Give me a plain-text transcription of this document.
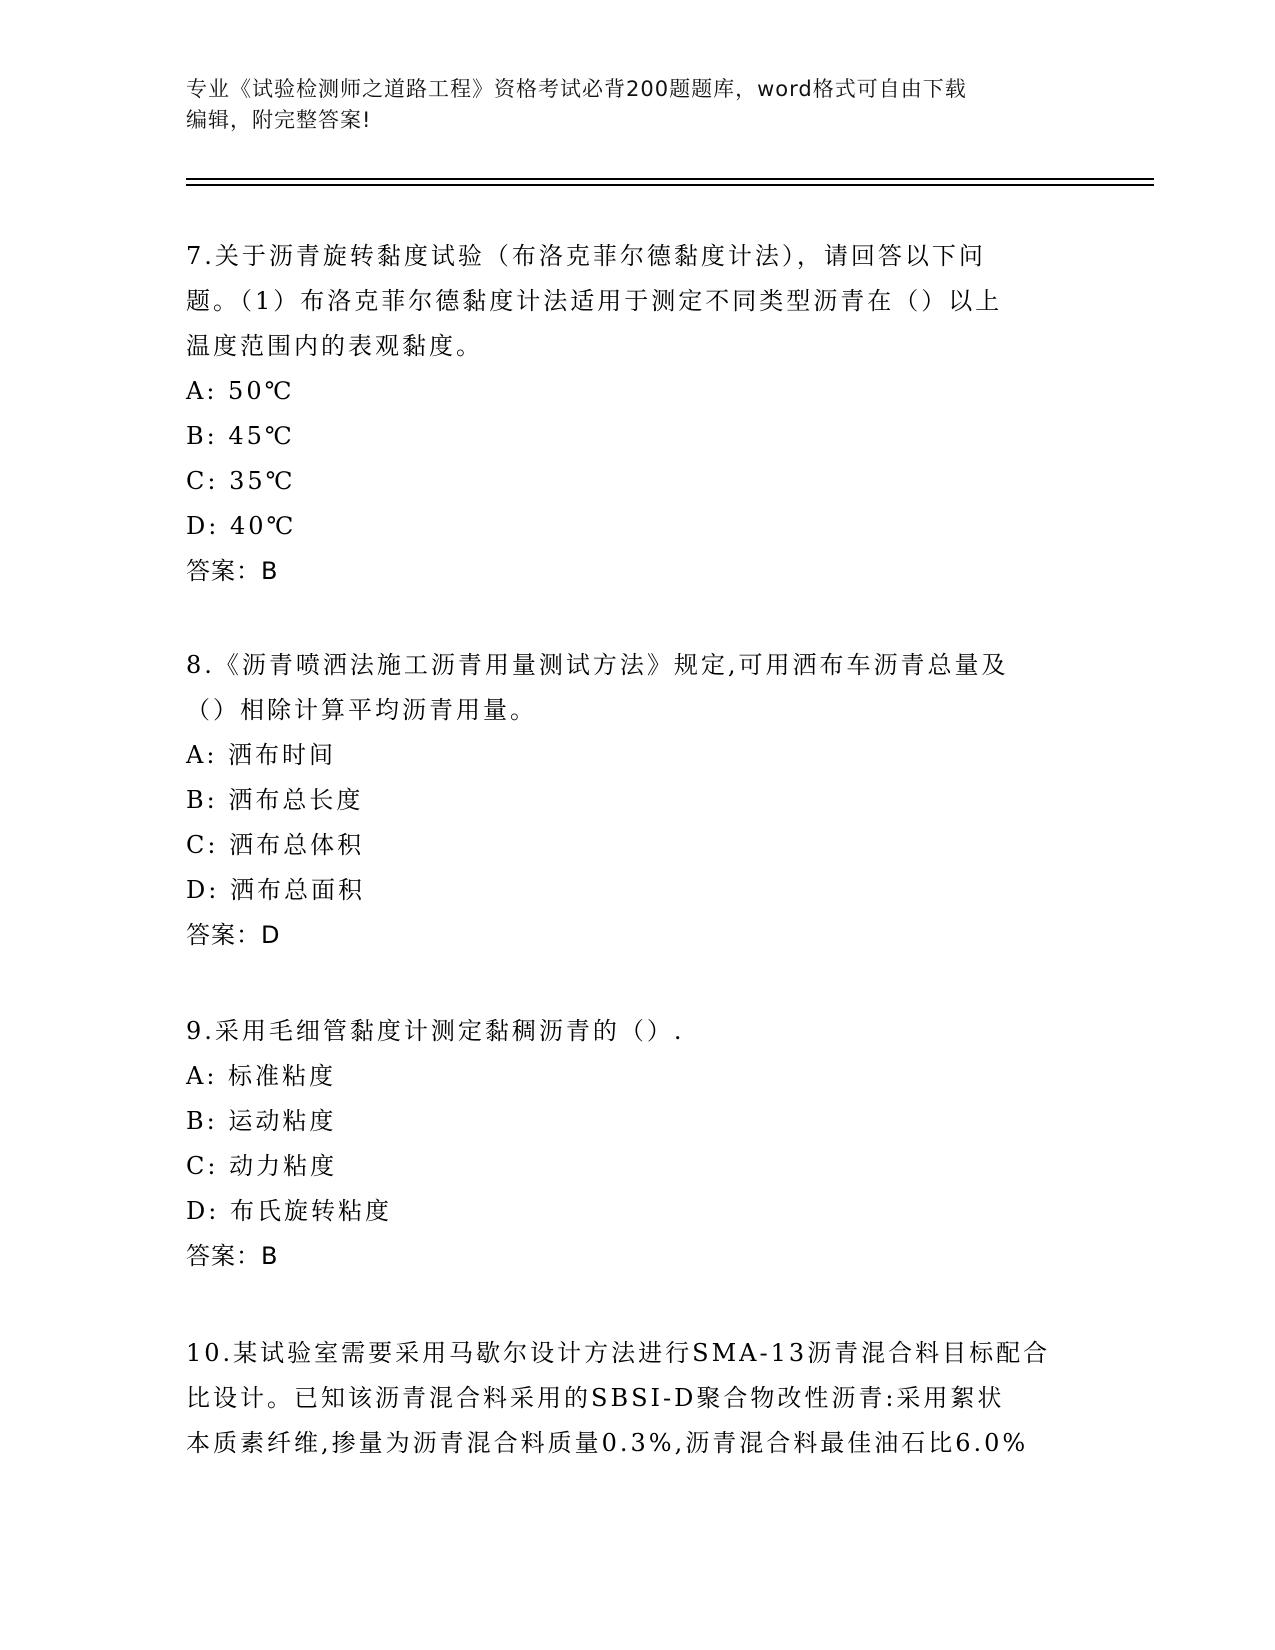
专业《试验检测师之道路工程》资格考试必背200题题库，word格式可自由下载
编辑，附完整答案!

7.关于沥青旋转黏度试验（布洛克菲尔德黏度计法），请回答以下问

题。（1）布洛克菲尔德黏度计法适用于测定不同类型沥青在（）以上

温度范围内的表观黏度。

A: 50℃

B: 45℃

C: 35℃

D: 40℃

答案：B

8.《沥青喷洒法施工沥青用量测试方法》规定,可用洒布车沥青总量及

（）相除计算平均沥青用量。

A: 洒布时间

B: 洒布总长度

C: 洒布总体积

D: 洒布总面积

答案：D

9.采用毛细管黏度计测定黏稠沥青的（）.

A: 标准粘度

B: 运动粘度

C: 动力粘度

D: 布氏旋转粘度

答案：B

10.某试验室需要采用马歇尔设计方法进行SMA-13沥青混合料目标配合

比设计。已知该沥青混合料采用的SBSI-D聚合物改性沥青:采用絮状

本质素纤维,掺量为沥青混合料质量0.3%,沥青混合料最佳油石比6.0%
